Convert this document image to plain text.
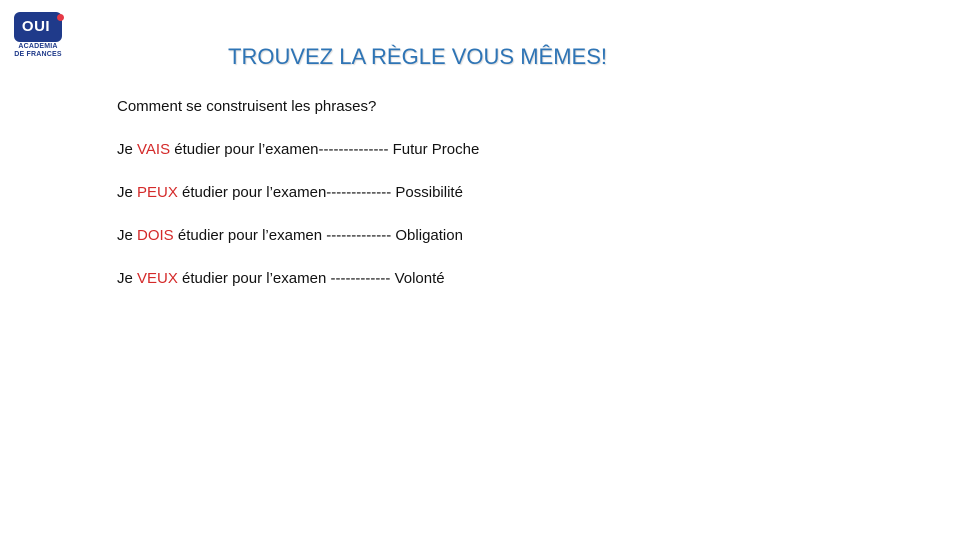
OUI
ACADEMIA
DE FRANCES	TROUVEZ LA RÈGLE VOUS MÊMES!

Comment se construisent les phrases?

Je VAIS étudier pour l’examen-------------- Futur Proche

Je PEUX étudier pour l’examen------------- Possibilité

Je DOIS étudier pour l’examen ------------- Obligation

Je VEUX étudier pour l’examen ------------ Volonté
